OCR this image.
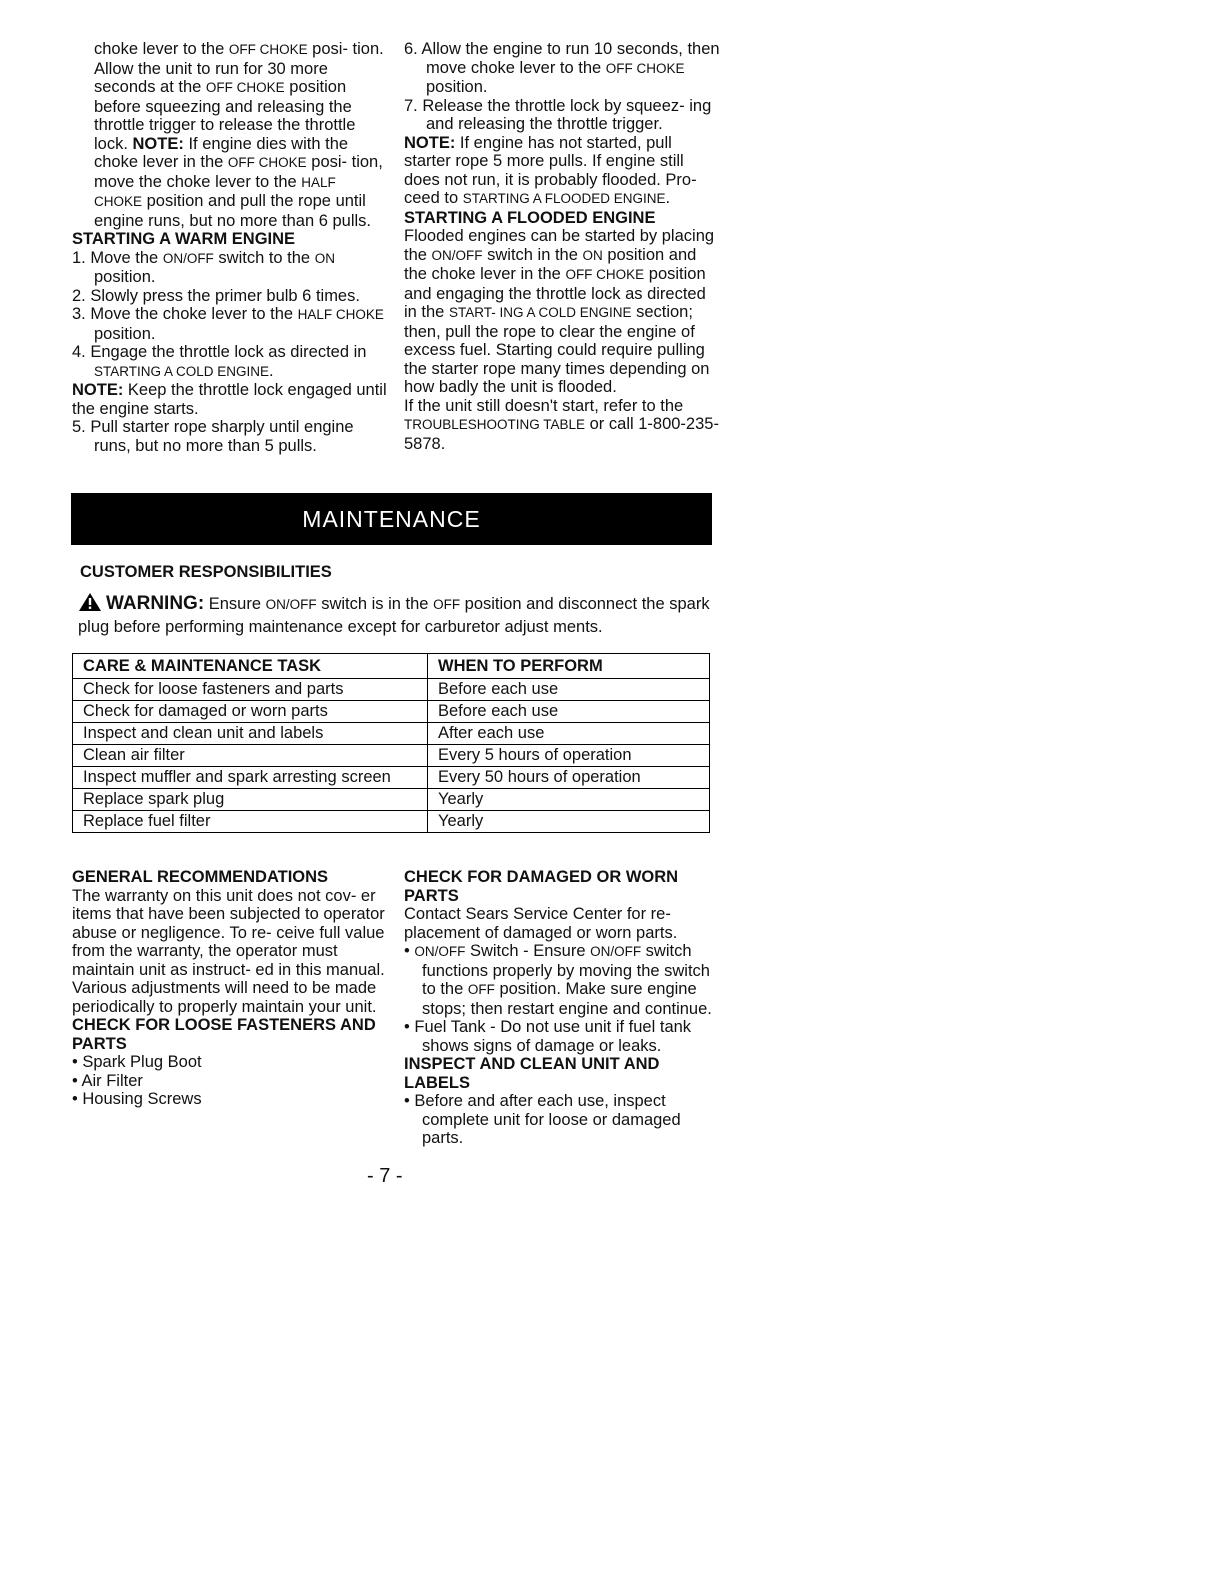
choke lever to the OFF CHOKE posi- tion. Allow the unit to run for 30 more seconds at the OFF CHOKE position before squeezing and releasing the throttle trigger to release the throttle lock. NOTE: If engine dies with the choke lever in the OFF CHOKE posi- tion, move the choke lever to the HALF CHOKE position and pull the rope until engine runs, but no more than 6 pulls.

STARTING A WARM ENGINE

1. Move the ON/OFF switch to the ON position.

2. Slowly press the primer bulb 6 times.

3. Move the choke lever to the HALF CHOKE position.

4. Engage the throttle lock as directed in STARTING A COLD ENGINE.

NOTE: Keep the throttle lock engaged until the engine starts.

5. Pull starter rope sharply until engine runs, but no more than 5 pulls.

6. Allow the engine to run 10 seconds, then move choke lever to the OFF CHOKE position.

7. Release the throttle lock by squeez- ing and releasing the throttle trigger.

NOTE: If engine has not started, pull starter rope 5 more pulls. If engine still does not run, it is probably flooded. Pro- ceed to STARTING A FLOODED ENGINE.

STARTING A FLOODED ENGINE

Flooded engines can be started by placing the ON/OFF switch in the ON position and the choke lever in the OFF CHOKE position and engaging the throttle lock as directed in the START- ING A COLD ENGINE section; then, pull the rope to clear the engine of excess fuel. Starting could require pulling the starter rope many times depending on how badly the unit is flooded.

If the unit still doesn't start, refer to the TROUBLESHOOTING TABLE or call 1-800-235-5878.

MAINTENANCE
CUSTOMER RESPONSIBILITIES
WARNING: Ensure ON/OFF switch is in the OFF position and disconnect the spark plug before performing maintenance except for carburetor adjust ments.
CARE & MAINTENANCE TASK	WHEN TO PERFORM
Check for loose fasteners and parts	Before each use
Check for damaged or worn parts	Before each use
Inspect and clean unit and labels	After each use
Clean air filter	Every 5 hours of operation
Inspect muffler and spark arresting screen	Every 50 hours of operation
Replace spark plug	Yearly
Replace fuel filter	Yearly

GENERAL RECOMMENDATIONS

The warranty on this unit does not cov- er items that have been subjected to operator abuse or negligence. To re- ceive full value from the warranty, the operator must maintain unit as instruct- ed in this manual. Various adjustments will need to be made periodically to properly maintain your unit.

CHECK FOR LOOSE FASTENERS AND PARTS

• Spark Plug Boot

• Air Filter

• Housing Screws

CHECK FOR DAMAGED OR WORN PARTS

Contact Sears Service Center for re- placement of damaged or worn parts.

• ON/OFF Switch - Ensure ON/OFF switch functions properly by moving the switch to the OFF position. Make sure engine stops; then restart engine and continue.

• Fuel Tank - Do not use unit if fuel tank shows signs of damage or leaks.

INSPECT AND CLEAN UNIT AND LABELS

• Before and after each use, inspect complete unit for loose or damaged parts.

- 7 -
